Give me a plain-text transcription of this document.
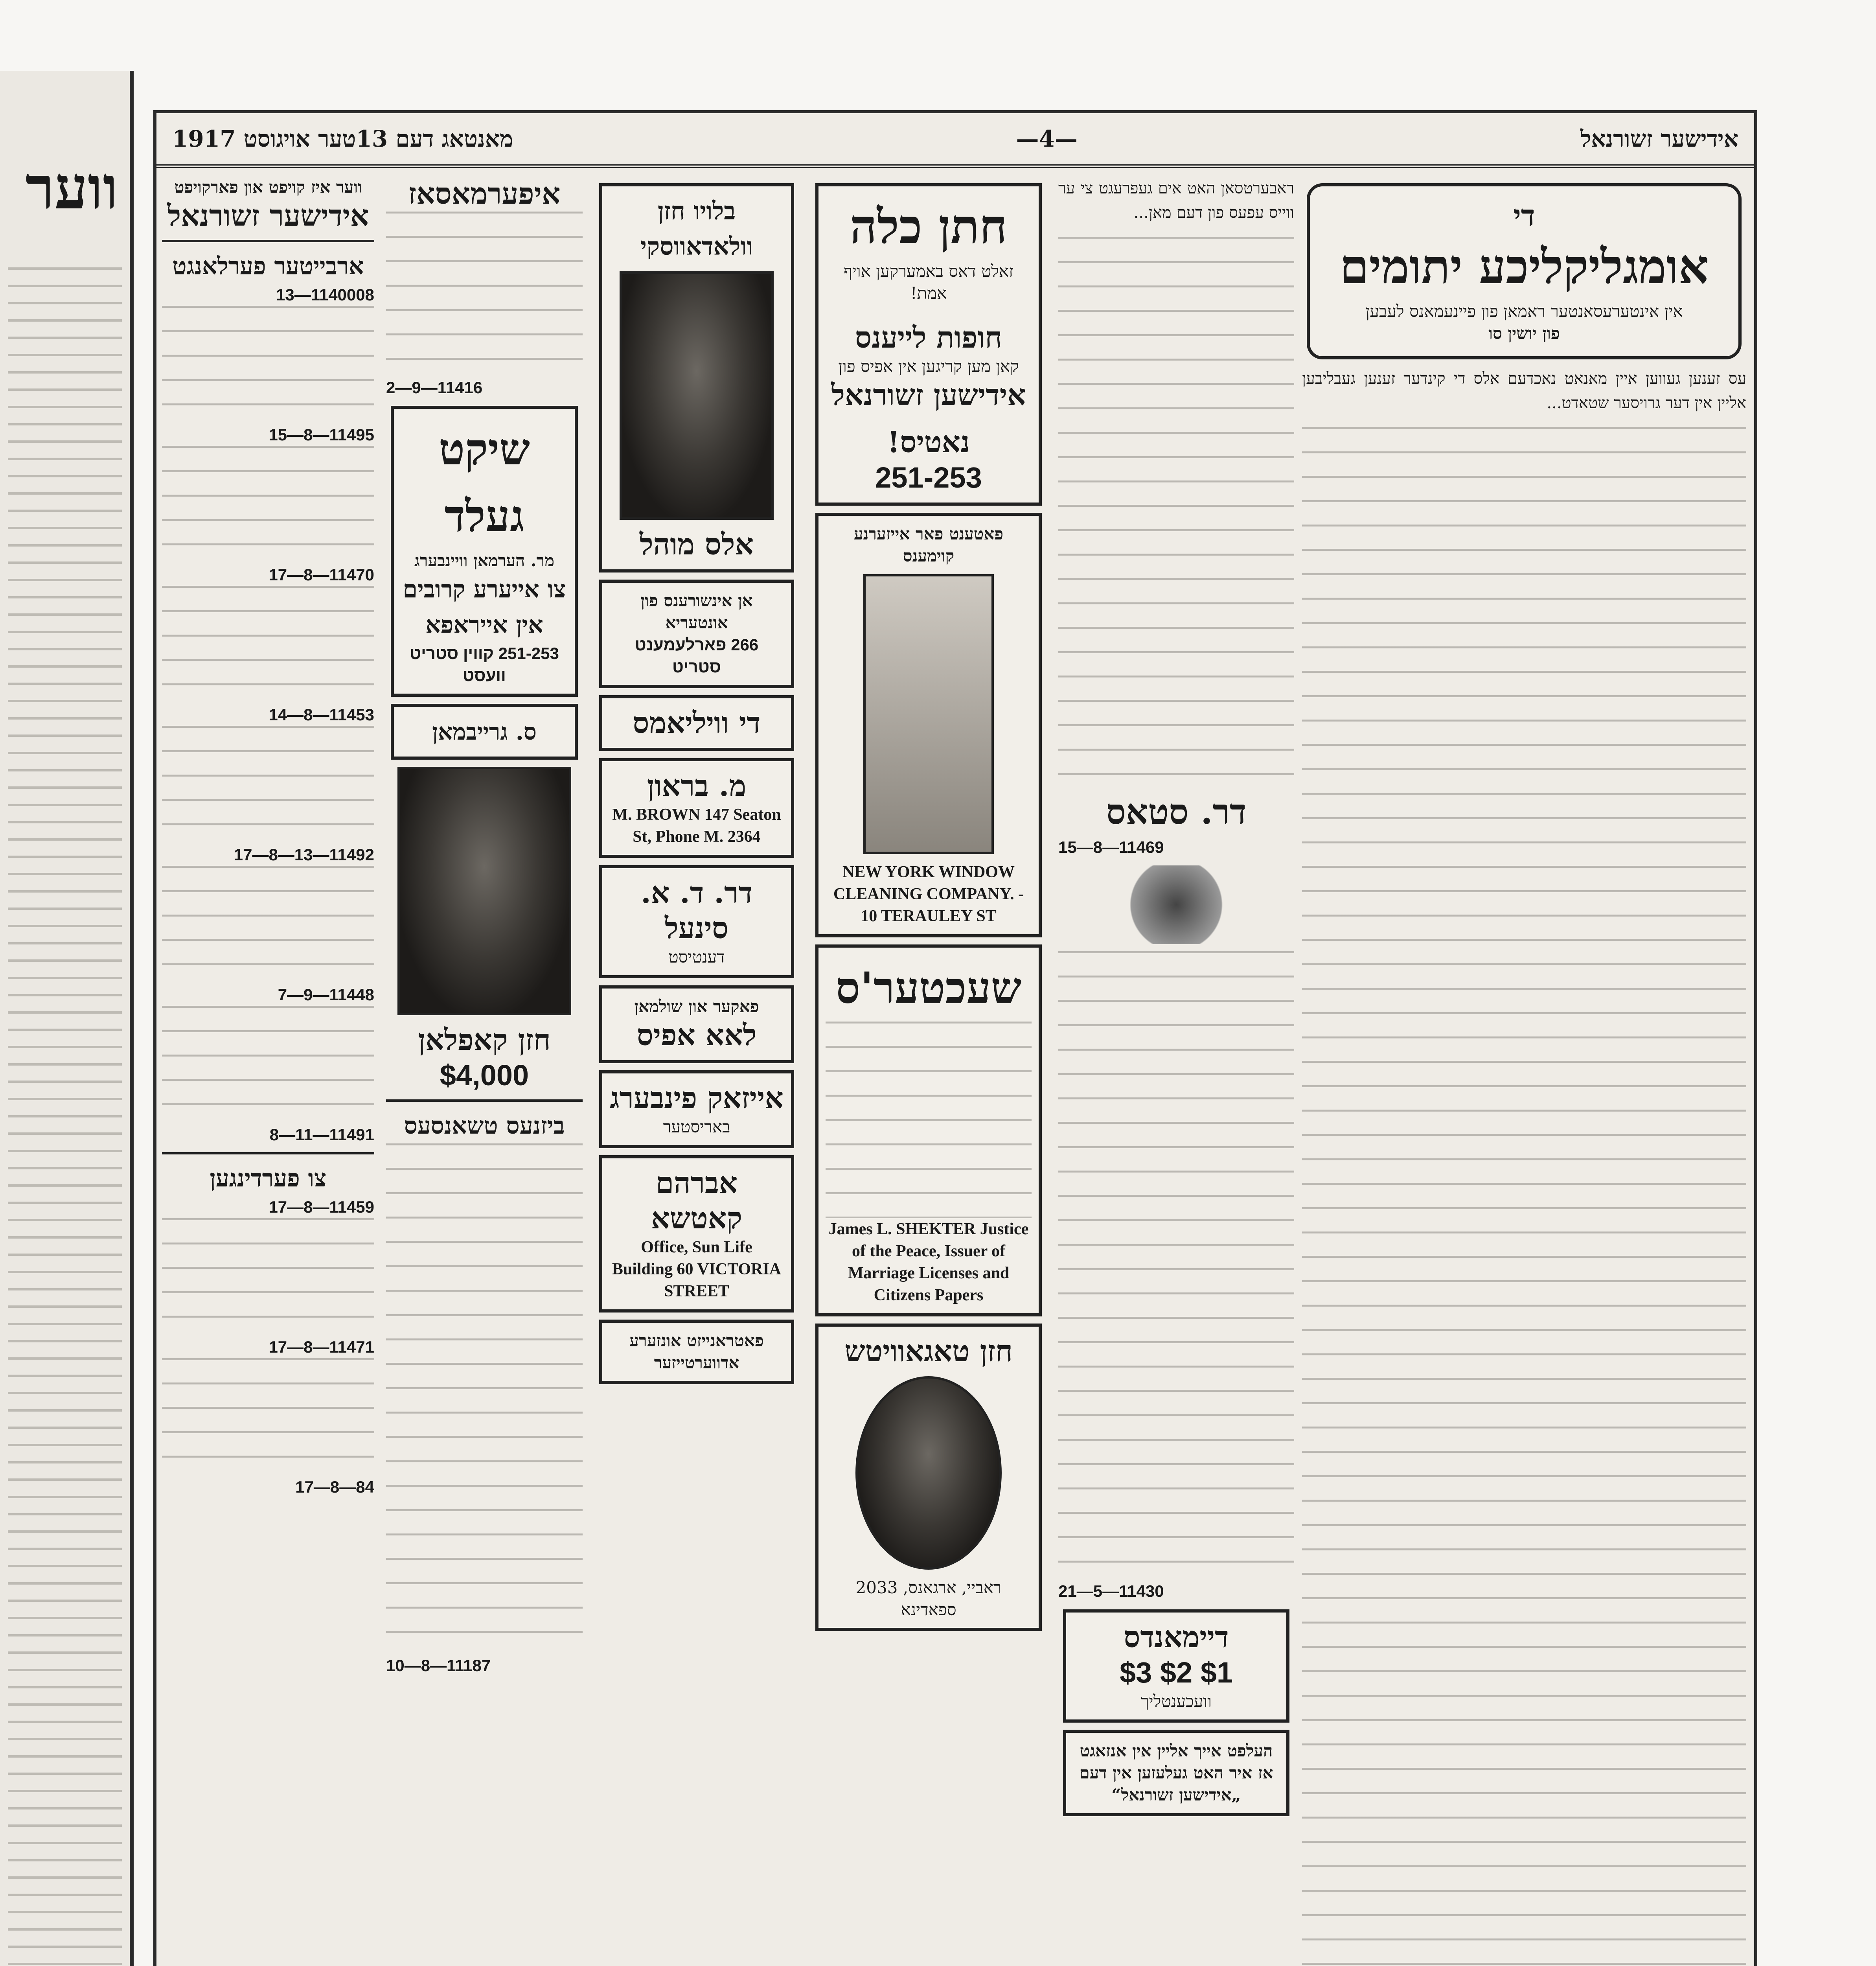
ווער
1917 מאנטאג דעם 13טער אויגוסט	—4—	אידישער זשורנאל
די
אומגליקליכע יתומים
אין אינטערעסאנטער ראמאן פון פיינעמאנס לעבען
פון יושין סו

עס זענען געווען איין מאנאט נאכדעם אלס די קינדער זענען געבליבען אליין אין דער גרויסער שטאדט...

ראבערטסאן האט אים געפרעגט צי ער ווייס עפעס פון דעם מאן...

דר. סטאס
11469—8—15
11430—5—21
דיימאנדס
$1 $2 $3
וועכענטליך
העלפט אייך אליין אין אנזאגט אז איר האט געלעזען אין דעם „אידישען זשורנאל“
חתן כלה
זאלט דאס באמערקען אויף אמת!
חופות לייענס
קאן מען קריגען אין אפיס פון
אידישען זשורנאל
נאטיס!
251-253
פאטענט פאר אייזערנע קוימענס
NEW YORK WINDOW CLEANING COMPANY. - 10 TERAULEY ST
שעכטער'ס
James L. SHEKTER Justice of the Peace, Issuer of Marriage Licenses and Citizens Papers
חזן טאגאוויטש
ראביי, ארגאנס, 2033 ספאדינא
בלויו חזן וולאדאווסקי
אלס מוהל
אן אינשורענס פון אונטעריא
266 פארלעמענט סטריט
די וויליאמס
מ. בראון
M. BROWN 147 Seaton St, Phone M. 2364
דר. ד. א. סינעל
דענטיסט
פאקער און שולמאן
לאא אפיס
אייזאק פינבערג
באריסטער
אברהם קאטשא
Office, Sun Life Building 60 VICTORIA STREET
פאטראנייזט אונזערע אדווערטייזער
איפערמאסאז
11416—9—2
שיקט געלד
מר. הערמאן וויינבערג
צו אייערע קרובים אין אייראפא
251-253 קווין סטריט וועסט
ס. גרייבמאן
חזן קאפלאן
$4,000
ביזנעס טשאנסעס
11187—8—10
ווער איז קויפט און פארקויפט
אידישער זשורנאל
ארבייטער פערלאנגט
1140008—13
11495—8—15
11470—8—17
11453—8—14
11492—13—8—17
11448—9—7
11491—11—8
צו פערדינגען
11459—8—17
11471—8—17
84—8—17
